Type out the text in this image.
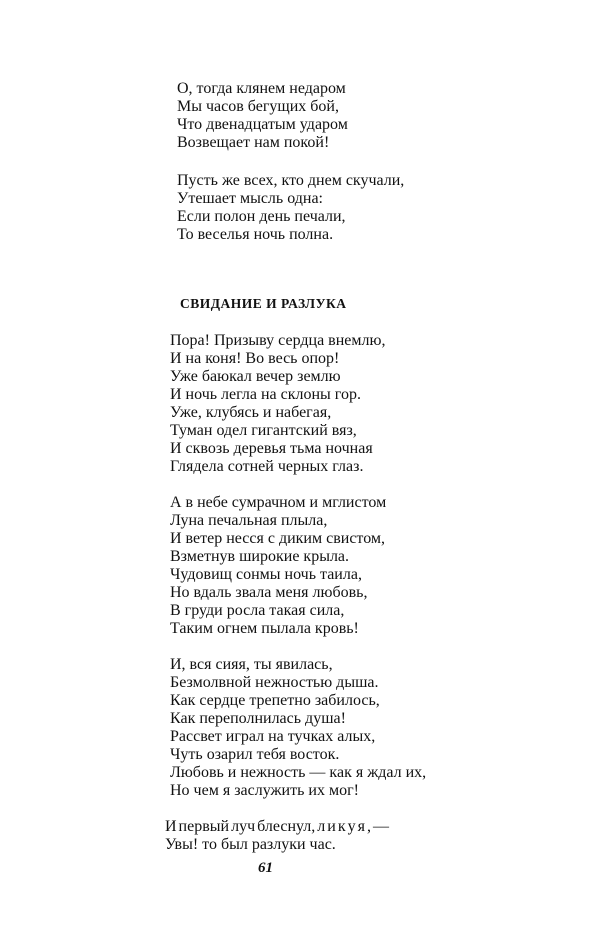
О, тогда клянем недаром

Мы часов бегущих бой,

Что двенадцатым ударом

Возвещает нам покой!

Пусть же всех, кто днем скучали,

Утешает мысль одна:

Если полон день печали,

То веселья ночь полна.

СВИДАНИЕ И РАЗЛУКА

Пора! Призыву сердца внемлю,

И на коня! Во весь опор!

Уже баюкал вечер землю

И ночь легла на склоны гор.

Уже, клубясь и набегая,

Туман одел гигантский вяз,

И сквозь деревья тьма ночная

Глядела сотней черных глаз.

А в небе сумрачном и мглистом

Луна печальная плыла,

И ветер несся с диким свистом,

Взметнув широкие крыла.

Чудовищ сонмы ночь таила,

Но вдаль звала меня любовь,

В груди росла такая сила,

Таким огнем пылала кровь!

И, вся сияя, ты явилась,

Безмолвной нежностью дыша.

Как сердце трепетно забилось,

Как переполнилась душа!

Рассвет играл на тучках алых,

Чуть озарил тебя восток.

Любовь и нежность — как я ждал их,

Но чем я заслужить их мог!

И первый луч блеснул, л и к у я , —

Увы! то был разлуки час.

61
